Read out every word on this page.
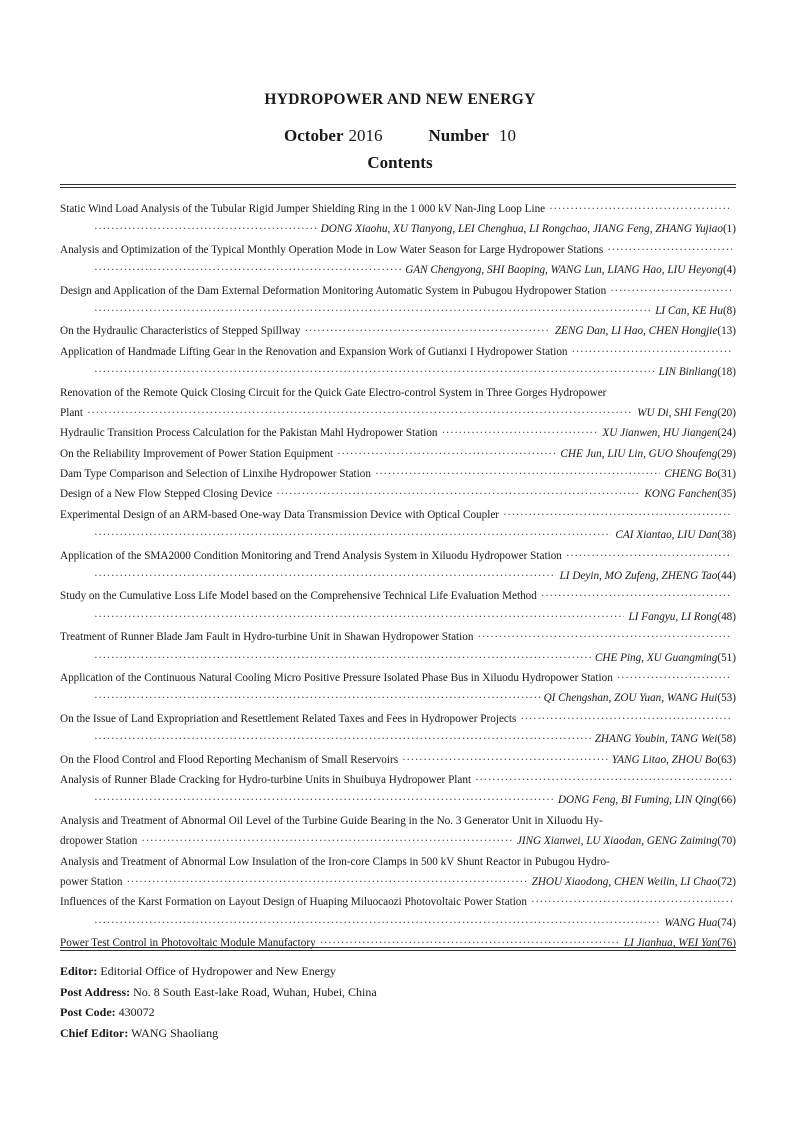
HYDROPOWER AND NEW ENERGY
October 2016	Number 10
Contents
Static Wind Load Analysis of the Tubular Rigid Jumper Shielding Ring in the 1 000 kV Nan-Jing Loop Line
·····
·····
DONG Xiaohu, XU Tianyong, LEI Chenghua, LI Rongchao, JIANG Feng, ZHANG Yujiao (1)
Analysis and Optimization of the Typical Monthly Operation Mode in Low Water Season for Large Hydropower Stations
·····
·····
GAN Chengyong, SHI Baoping, WANG Lun, LIANG Hao, LIU Heyong (4)
Design and Application of the Dam External Deformation Monitoring Automatic System in Pubugou Hydropower Station
·····
·····
LI Can, KE Hu (8)
On the Hydraulic Characteristics of Stepped Spillway ·····	ZENG Dan, LI Hao, CHEN Hongjie (13)
Application of Handmade Lifting Gear in the Renovation and Expansion Work of Gutianxi I Hydropower Station
·····
·····
LIN Binliang (18)
Renovation of the Remote Quick Closing Circuit for the Quick Gate Electro-control System in Three Gorges Hydropower
Plant ·····	WU Di, SHI Feng (20)
Hydraulic Transition Process Calculation for the Pakistan Mahl Hydropower Station ·····	XU Jianwen, HU Jiangen (24)
On the Reliability Improvement of Power Station Equipment ·····	CHE Jun, LIU Lin, GUO Shoufeng (29)
Dam Type Comparison and Selection of Linxihe Hydropower Station ·····	CHENG Bo (31)
Design of a New Flow Stepped Closing Device ·····	KONG Fanchen (35)
Experimental Design of an ARM-based One-way Data Transmission Device with Optical Coupler
·····
·····
CAI Xiantao, LIU Dan (38)
Application of the SMA2000 Condition Monitoring and Trend Analysis System in Xiluodu Hydropower Station
·····
·····
LI Deyin, MO Zufeng, ZHENG Tao (44)
Study on the Cumulative Loss Life Model based on the Comprehensive Technical Life Evaluation Method
·····
·····
LI Fangyu, LI Rong (48)
Treatment of Runner Blade Jam Fault in Hydro-turbine Unit in Shawan Hydropower Station
·····
·····
CHE Ping, XU Guangming (51)
Application of the Continuous Natural Cooling Micro Positive Pressure Isolated Phase Bus in Xiluodu Hydropower Station
·····
·····
QI Chengshan, ZOU Yuan, WANG Hui (53)
On the Issue of Land Expropriation and Resettlement Related Taxes and Fees in Hydropower Projects
·····
·····
ZHANG Youbin, TANG Wei (58)
On the Flood Control and Flood Reporting Mechanism of Small Reservoirs ·····	YANG Litao, ZHOU Bo (63)
Analysis of Runner Blade Cracking for Hydro-turbine Units in Shuibuya Hydropower Plant
·····
·····
DONG Feng, BI Fuming, LIN Qing (66)
Analysis and Treatment of Abnormal Oil Level of the Turbine Guide Bearing in the No. 3 Generator Unit in Xiluodu Hy-
dropower Station ·····	JING Xianwei, LU Xiaodan, GENG Zaiming (70)
Analysis and Treatment of Abnormal Low Insulation of the Iron-core Clamps in 500 kV Shunt Reactor in Pubugou Hydro-
power Station ·····	ZHOU Xiaodong, CHEN Weilin, LI Chao (72)
Influences of the Karst Formation on Layout Design of Huaping Miluocaozi Photovoltaic Power Station
·····
·····
WANG Hua (74)
Power Test Control in Photovoltaic Module Manufactory ·····	LI Jianhua, WEI Yan (76)
Editor: Editorial Office of Hydropower and New Energy
Post Address: No. 8 South East-lake Road, Wuhan, Hubei, China
Post Code: 430072
Chief Editor: WANG Shaoliang
